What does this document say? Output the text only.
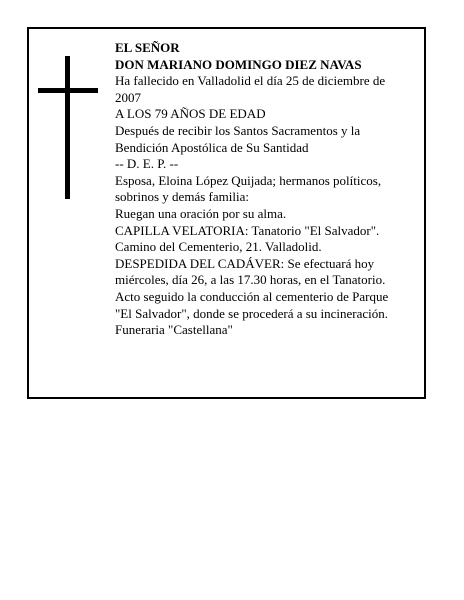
EL SEÑOR

DON MARIANO DOMINGO DIEZ NAVAS

Ha fallecido en Valladolid el día 25 de diciembre de 2007

A LOS 79 AÑOS DE EDAD

Después de recibir los Santos Sacramentos y la Bendición Apostólica de Su Santidad

-- D. E. P. --

Esposa, Eloina López Quijada; hermanos políticos, sobrinos y demás familia:

Ruegan una oración por su alma.

CAPILLA VELATORIA: Tanatorio "El Salvador". Camino del Cementerio, 21. Valladolid.

DESPEDIDA DEL CADÁVER: Se efectuará hoy miércoles, día 26, a las 17.30 horas, en el Tanatorio.

Acto seguido la conducción al cementerio de Parque "El Salvador", donde se procederá a su incineración.

Funeraria "Castellana"
